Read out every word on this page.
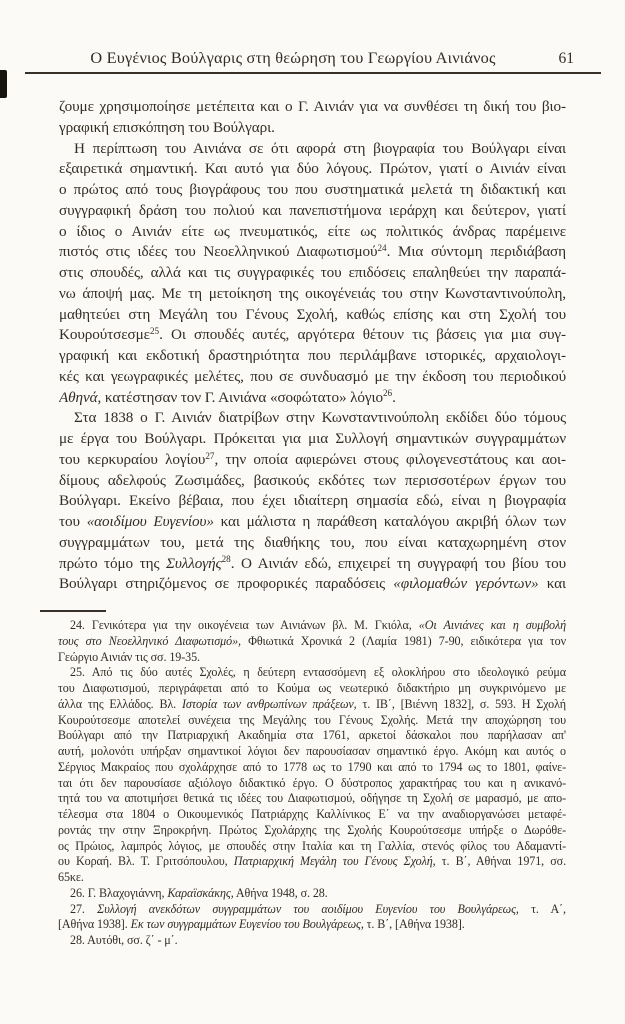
Ο Ευγένιος Βούλγαρις στη θεώρηση του Γεωργίου Αινιάνος	61
ζουμε χρησιμοποίησε μετέπειτα και ο Γ. Αινιάν για να συνθέσει τη δική του βιο-
γραφική επισκόπηση του Βούλγαρι.
Η περίπτωση του Αινιάνα σε ότι αφορά στη βιογραφία του Βούλγαρι είναι
εξαιρετικά σημαντική. Και αυτό για δύο λόγους. Πρώτον, γιατί ο Αινιάν είναι
ο πρώτος από τους βιογράφους του που συστηματικά μελετά τη διδακτική και
συγγραφική δράση του πολιού και πανεπιστήμονα ιεράρχη και δεύτερον, γιατί
ο ίδιος ο Αινιάν είτε ως πνευματικός, είτε ως πολιτικός άνδρας παρέμεινε
πιστός στις ιδέες του Νεοελληνικού Διαφωτισμού$^{24}$. Μια σύντομη περιδιάβαση
στις σπουδές, αλλά και τις συγγραφικές του επιδόσεις επαληθεύει την παραπά-
νω άποψή μας. Με τη μετοίκηση της οικογένειάς του στην Κωνσταντινούπολη,
μαθητεύει στη Μεγάλη του Γένους Σχολή, καθώς επίσης και στη Σχολή του
Κουρούτσεσμε$^{25}$. Οι σπουδές αυτές, αργότερα θέτουν τις βάσεις για μια συγ-
γραφική και εκδοτική δραστηριότητα που περιλάμβανε ιστορικές, αρχαιολογι-
κές και γεωγραφικές μελέτες, που σε συνδυασμό με την έκδοση του περιοδικού
Αθηνά, κατέστησαν τον Γ. Αινιάνα «σοφώτατο» λόγιο$^{26}$.
Στα 1838 ο Γ. Αινιάν διατρίβων στην Κωνσταντινούπολη εκδίδει δύο τόμους
με έργα του Βούλγαρι. Πρόκειται για μια Συλλογή σημαντικών συγγραμμάτων
του κερκυραίου λογίου$^{27}$, την οποία αφιερώνει στους φιλογενεστάτους και αοι-
δίμους αδελφούς Ζωσιμάδες, βασικούς εκδότες των περισσοτέρων έργων του
Βούλγαρι. Εκείνο βέβαια, που έχει ιδιαίτερη σημασία εδώ, είναι η βιογραφία
του «αοιδίμου Ευγενίου» και μάλιστα η παράθεση καταλόγου ακριβή όλων των
συγγραμμάτων του, μετά της διαθήκης του, που είναι καταχωρημένη στον
πρώτο τόμο της Συλλογής$^{28}$. Ο Αινιάν εδώ, επιχειρεί τη συγγραφή του βίου του
Βούλγαρι στηριζόμενος σε προφορικές παραδόσεις «φιλομαθών γερόντων» και
24. Γενικότερα για την οικογένεια των Αινιάνων βλ. Μ. Γκιόλα, «Οι Αινιάνες και η συμβολή
τους στο Νεοελληνικό Διαφωτισμό», Φθιωτικά Χρονικά 2 (Λαμία 1981) 7-90, ειδικότερα για τον
Γεώργιο Αινιάν τις σσ. 19-35.
25. Από τις δύο αυτές Σχολές, η δεύτερη εντασσόμενη εξ ολοκλήρου στο ιδεολογικό ρεύμα
του Διαφωτισμού, περιγράφεται από το Κούμα ως νεωτερικό διδακτήριο μη συγκρινόμενο με
άλλα της Ελλάδος. Βλ. Ιστορία των ανθρωπίνων πράξεων, τ. ΙΒ΄, [Βιέννη 1832], σ. 593. Η Σχολή
Κουρούτσεσμε αποτελεί συνέχεια της Μεγάλης του Γένους Σχολής. Μετά την αποχώρηση του
Βούλγαρι από την Πατριαρχική Ακαδημία στα 1761, αρκετοί δάσκαλοι που παρήλασαν απ'
αυτή, μολονότι υπήρξαν σημαντικοί λόγιοι δεν παρουσίασαν σημαντικό έργο. Ακόμη και αυτός ο
Σέργιος Μακραίος που σχολάρχησε από το 1778 ως το 1790 και από το 1794 ως το 1801, φαίνε-
ται ότι δεν παρουσίασε αξιόλογο διδακτικό έργο. Ο δύστροπος χαρακτήρας του και η ανικανό-
τητά του να αποτιμήσει θετικά τις ιδέες του Διαφωτισμού, οδήγησε τη Σχολή σε μαρασμό, με απο-
τέλεσμα στα 1804 ο Οικουμενικός Πατριάρχης Καλλίνικος Ε΄ να την αναδιοργανώσει μεταφέ-
ροντάς την στην Ξηροκρήνη. Πρώτος Σχολάρχης της Σχολής Κουρούτσεσμε υπήρξε ο Δωρόθε-
ος Πρώιος, λαμπρός λόγιος, με σπουδές στην Ιταλία και τη Γαλλία, στενός φίλος του Αδαμαντί-
ου Κοραή. Βλ. Τ. Γριτσόπουλου, Πατριαρχική Μεγάλη του Γένους Σχολή, τ. Β΄, Αθήναι 1971, σσ.
65κε.
26. Γ. Βλαχογιάννη, Καραϊσκάκης, Αθήνα 1948, σ. 28.
27. Συλλογή ανεκδότων συγγραμμάτων του αοιδίμου Ευγενίου του Βουλγάρεως, τ. Α΄,
[Αθήνα 1938]. Εκ των συγγραμμάτων Ευγενίου του Βουλγάρεως, τ. Β΄, [Αθήνα 1938].
28. Αυτόθι, σσ. ζ΄ - μ΄.
